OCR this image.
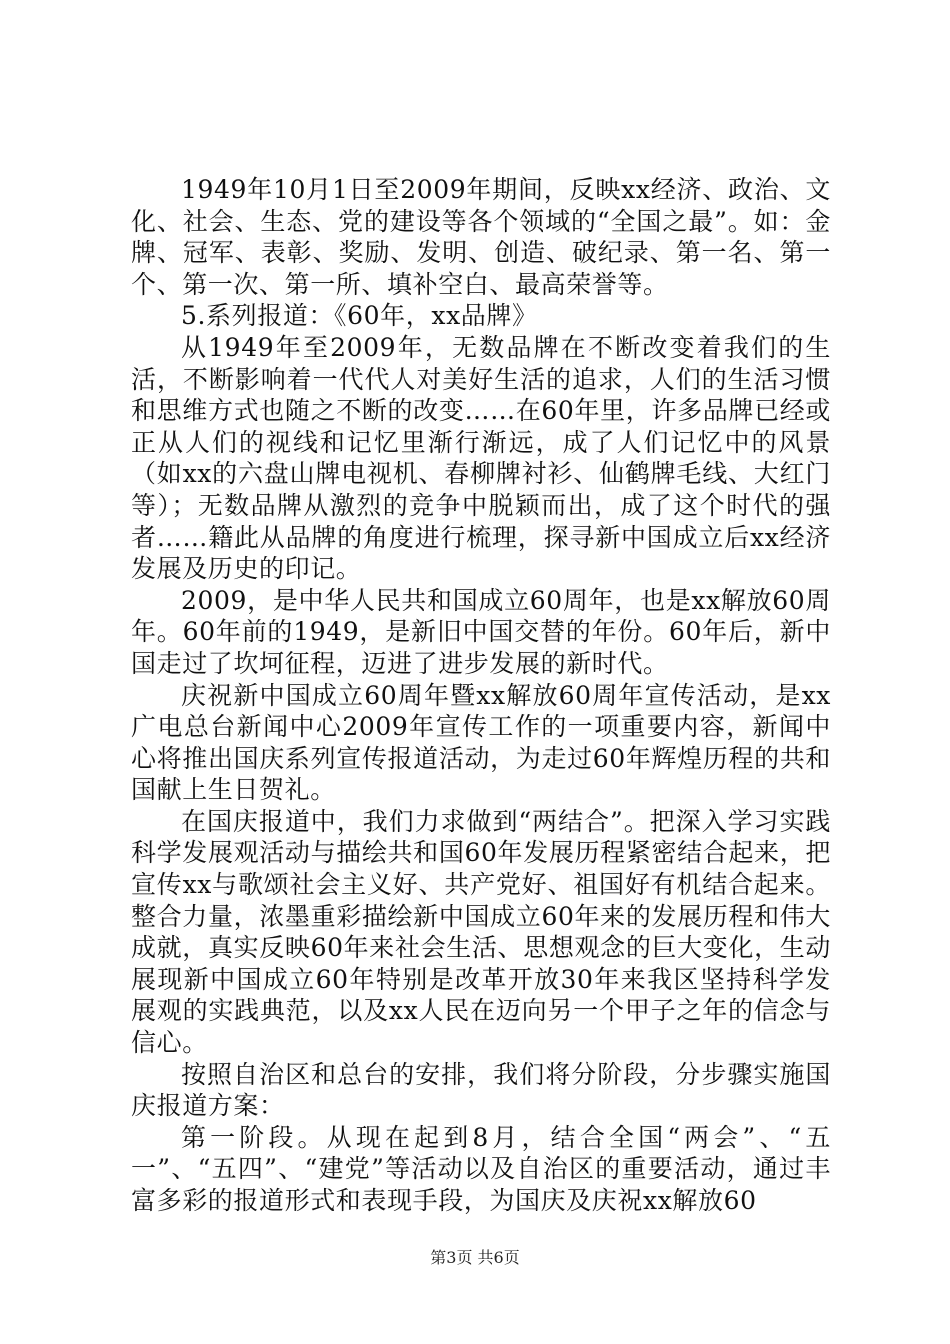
1949年10月1日至2009年期间，反映xx经济、政治、文化、社会、生态、党的建设等各个领域的“全国之最”。如：金牌、冠军、表彰、奖励、发明、创造、破纪录、第一名、第一个、第一次、第一所、填补空白、最高荣誉等。

5.系列报道：《60年，xx品牌》

从1949年至2009年，无数品牌在不断改变着我们的生活，不断影响着一代代人对美好生活的追求，人们的生活习惯和思维方式也随之不断的改变……在60年里，许多品牌已经或正从人们的视线和记忆里渐行渐远，成了人们记忆中的风景（如xx的六盘山牌电视机、春柳牌衬衫、仙鹤牌毛线、大红门等）；无数品牌从激烈的竞争中脱颖而出，成了这个时代的强者……籍此从品牌的角度进行梳理，探寻新中国成立后xx经济发展及历史的印记。

2009，是中华人民共和国成立60周年，也是xx解放60周年。60年前的1949，是新旧中国交替的年份。60年后，新中国走过了坎坷征程，迈进了进步发展的新时代。

庆祝新中国成立60周年暨xx解放60周年宣传活动，是xx广电总台新闻中心2009年宣传工作的一项重要内容，新闻中心将推出国庆系列宣传报道活动，为走过60年辉煌历程的共和国献上生日贺礼。

在国庆报道中，我们力求做到“两结合”。把深入学习实践科学发展观活动与描绘共和国60年发展历程紧密结合起来，把宣传xx与歌颂社会主义好、共产党好、祖国好有机结合起来。整合力量，浓墨重彩描绘新中国成立60年来的发展历程和伟大成就，真实反映60年来社会生活、思想观念的巨大变化，生动展现新中国成立60年特别是改革开放30年来我区坚持科学发展观的实践典范，以及xx人民在迈向另一个甲子之年的信念与信心。

按照自治区和总台的安排，我们将分阶段，分步骤实施国庆报道方案：

第一阶段。从现在起到8月，结合全国“两会”、“五一”、“五四”、“建党”等活动以及自治区的重要活动，通过丰富多彩的报道形式和表现手段，为国庆及庆祝xx解放60

第3页 共6页
